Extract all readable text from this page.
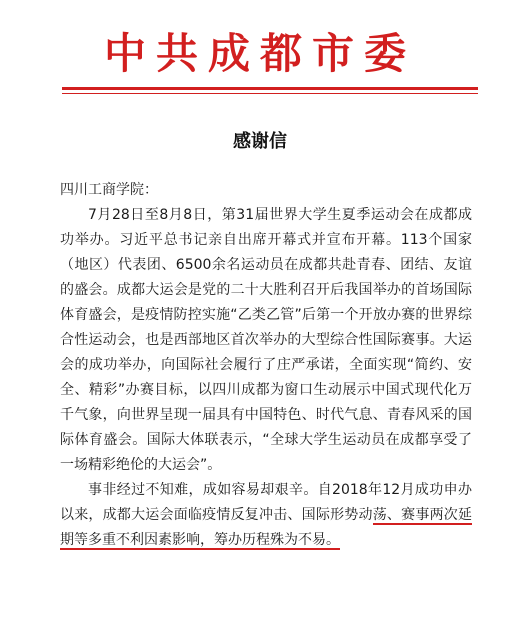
中共成都市委
感谢信

四川工商学院：

7月28日至8月8日，第31届世界大学生夏季运动会在成都成功举办。习近平总书记亲自出席开幕式并宣布开幕。113个国家（地区）代表团、6500余名运动员在成都共赴青春、团结、友谊的盛会。成都大运会是党的二十大胜利召开后我国举办的首场国际体育盛会，是疫情防控实施“乙类乙管”后第一个开放办赛的世界综合性运动会，也是西部地区首次举办的大型综合性国际赛事。大运会的成功举办，向国际社会履行了庄严承诺，全面实现“简约、安全、精彩”办赛目标，以四川成都为窗口生动展示中国式现代化万千气象，向世界呈现一届具有中国特色、时代气息、青春风采的国际体育盛会。国际大体联表示，“全球大学生运动员在成都享受了一场精彩绝伦的大运会”。

事非经过不知难，成如容易却艰辛。自2018年12月成功申办以来，成都大运会面临疫情反复冲击、国际形势动荡、赛事两次延期等多重不利因素影响，筹办历程殊为不易。
